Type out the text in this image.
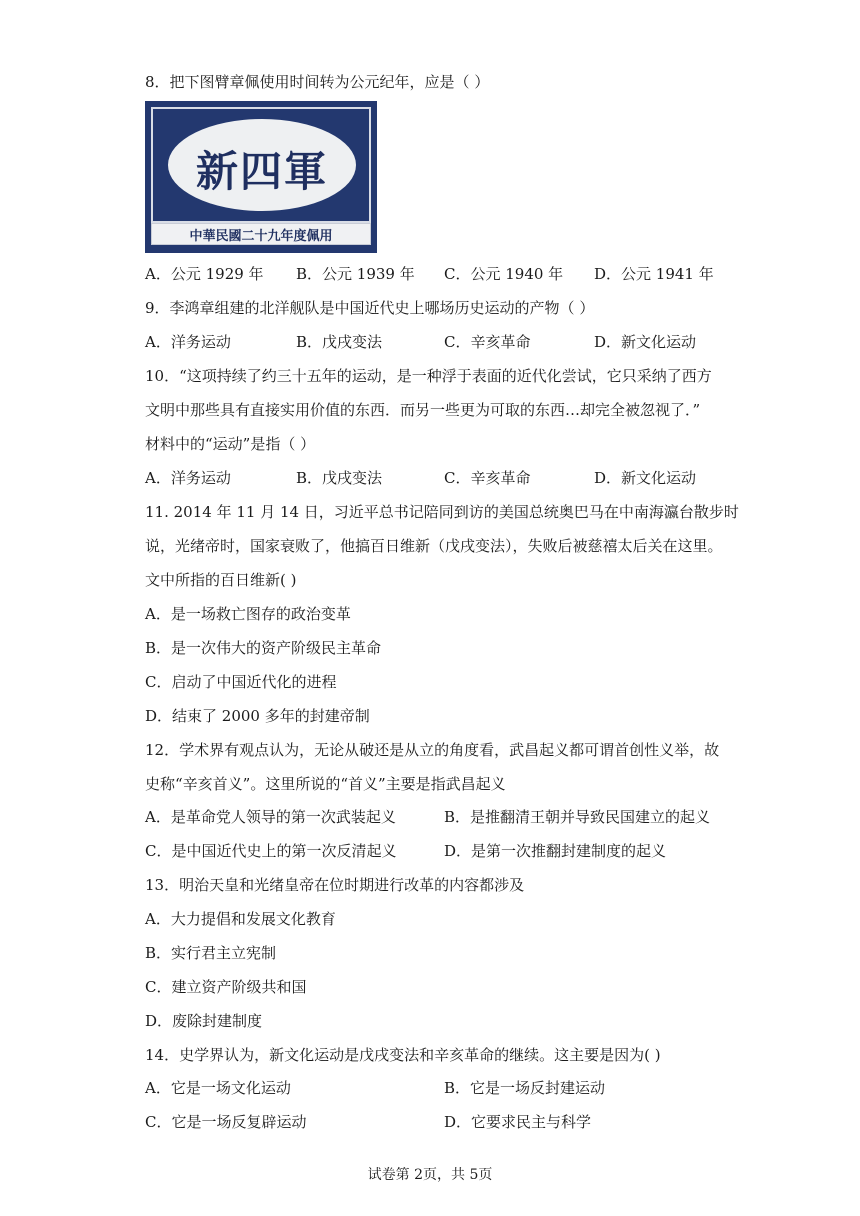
8．把下图臂章佩使用时间转为公元纪年，应是（ ）
新四軍
中華民國二十九年度佩用
A．公元 1929 年 B．公元 1939 年 C．公元 1940 年 D．公元 1941 年
9．李鸿章组建的北洋舰队是中国近代史上哪场历史运动的产物（ ）
A．洋务运动	B．戊戌变法	C．辛亥革命	D．新文化运动
10．“这项持续了约三十五年的运动，是一种浮于表面的近代化尝试，它只采纳了西方
文明中那些具有直接实用价值的东西．而另一些更为可取的东西…却完全被忽视了．”
材料中的“运动”是指（ ）
A．洋务运动	B．戊戌变法	C．辛亥革命	D．新文化运动
11. 2014 年 11 月 14 日，习近平总书记陪同到访的美国总统奥巴马在中南海瀛台散步时
说，光绪帝时，国家衰败了，他搞百日维新（戊戌变法），失败后被慈禧太后关在这里。
文中所指的百日维新( )
A．是一场救亡图存的政治变革
B．是一次伟大的资产阶级民主革命
C．启动了中国近代化的进程
D．结束了 2000 多年的封建帝制
12．学术界有观点认为，无论从破还是从立的角度看，武昌起义都可谓首创性义举，故
史称“辛亥首义”。这里所说的“首义”主要是指武昌起义
A．是革命党人领导的第一次武装起义	B．是推翻清王朝并导致民国建立的起义
C．是中国近代史上的第一次反清起义	D．是第一次推翻封建制度的起义
13．明治天皇和光绪皇帝在位时期进行改革的内容都涉及
A．大力提倡和发展文化教育
B．实行君主立宪制
C．建立资产阶级共和国
D．废除封建制度
14．史学界认为，新文化运动是戊戌变法和辛亥革命的继续。这主要是因为( )
A．它是一场文化运动	B．它是一场反封建运动
C．它是一场反复辟运动	D．它要求民主与科学
试卷第 2页，共 5页
